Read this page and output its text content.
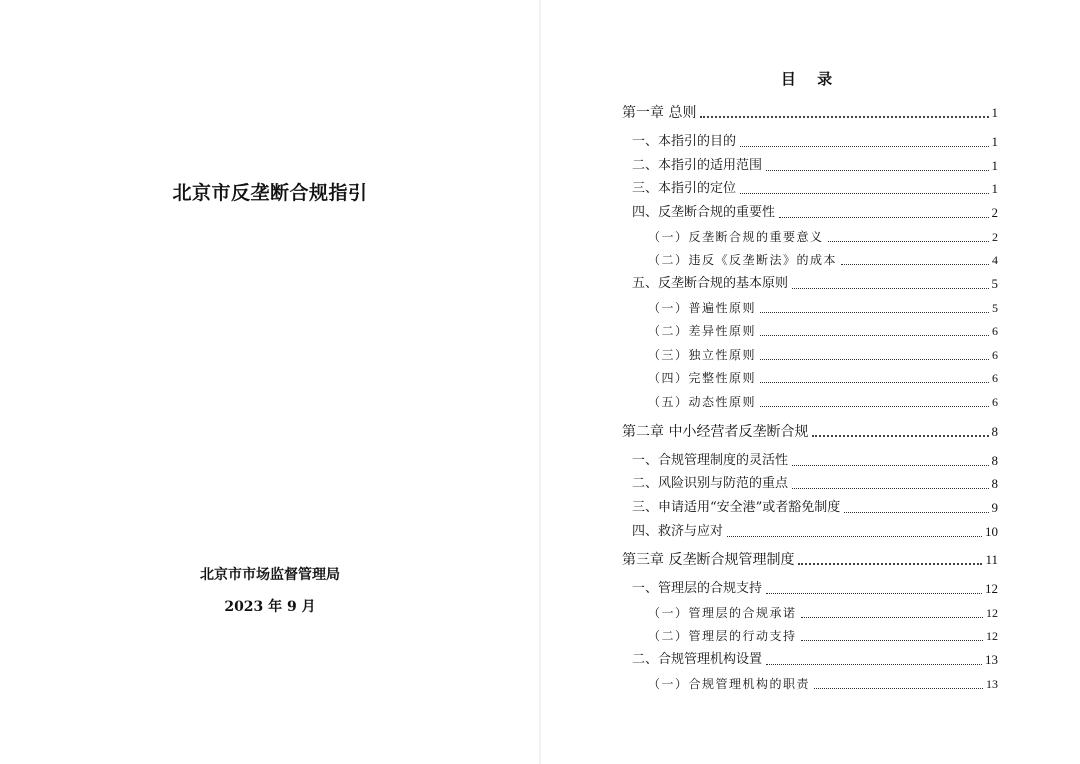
北京市反垄断合规指引
北京市市场监督管理局
2023 年 9 月
目 录
第一章 总则	1
一、本指引的目的	1
二、本指引的适用范围	1
三、本指引的定位	1
四、反垄断合规的重要性	2
（一）反垄断合规的重要意义	2
（二）违反《反垄断法》的成本	4
五、反垄断合规的基本原则	5
（一）普遍性原则	5
（二）差异性原则	6
（三）独立性原则	6
（四）完整性原则	6
（五）动态性原则	6
第二章 中小经营者反垄断合规	8
一、合规管理制度的灵活性	8
二、风险识别与防范的重点	8
三、申请适用“安全港”或者豁免制度	9
四、救济与应对	10
第三章 反垄断合规管理制度	11
一、管理层的合规支持	12
（一）管理层的合规承诺	12
（二）管理层的行动支持	12
二、合规管理机构设置	13
（一）合规管理机构的职责	13
